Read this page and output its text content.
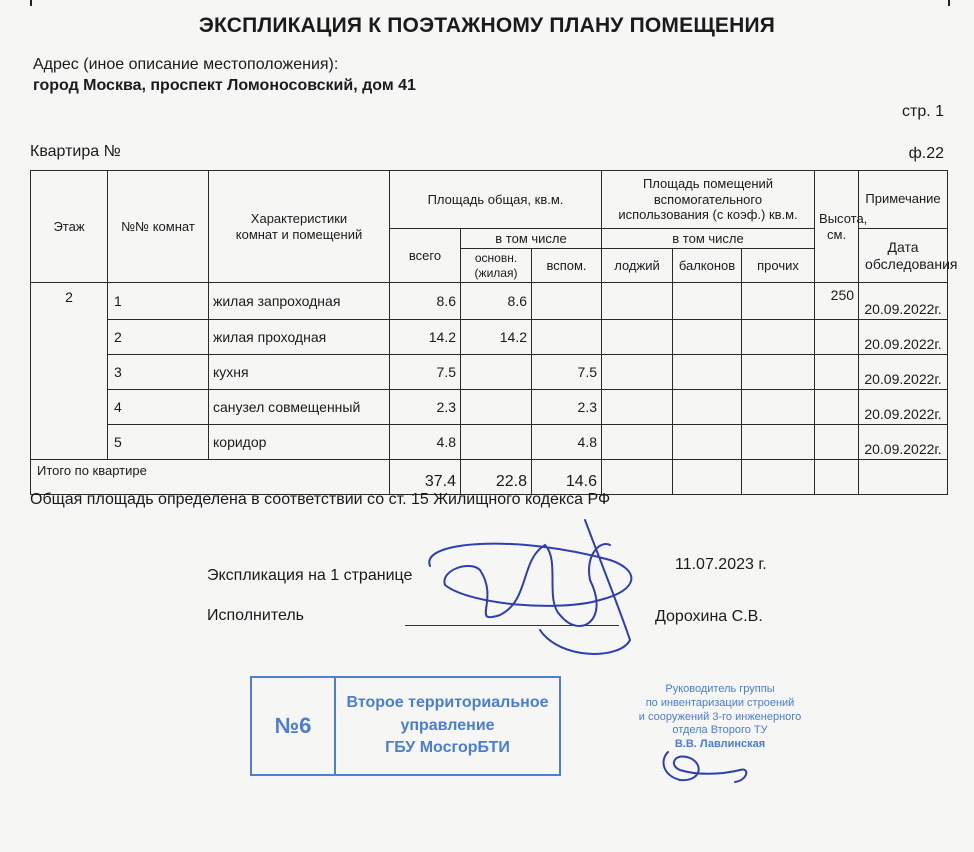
ЭКСПЛИКАЦИЯ К ПОЭТАЖНОМУ ПЛАНУ ПОМЕЩЕНИЯ
Адрес (иное описание местоположения):
город Москва, проспект Ломоносовский, дом 41
стр. 1
Квартира №	ф.22
Этаж	№№ комнат	Характеристики комнат и помещений	Площадь общая, кв.м.			Площадь помещений вспомогательного использования (с коэф.) кв.м.			Высота, см.	Примечание
			всего	в том числе		в том числе				Дата обследования
				основн. (жилая)	вспом.	лоджий	балконов	прочих		
2	1	жилая запроходная	8.6	8.6					250	20.09.2022г.
	2	жилая проходная	14.2	14.2						20.09.2022г.
	3	кухня	7.5		7.5					20.09.2022г.
	4	санузел совмещенный	2.3		2.3					20.09.2022г.
	5	коридор	4.8		4.8					20.09.2022г.
Итого по квартире			37.4	22.8	14.6					
Общая площадь определена в соответствии со ст. 15 Жилищного кодекса РФ
Экспликация на 1 странице
11.07.2023 г.
Исполнитель	Дорохина С.В.
№6
Второе территориальное
управление
ГБУ МосгорБТИ
Руководитель группы
по инвентаризации строений
и сооружений 3-го инженерного
отдела Второго ТУ
В.В. Лавлинская
